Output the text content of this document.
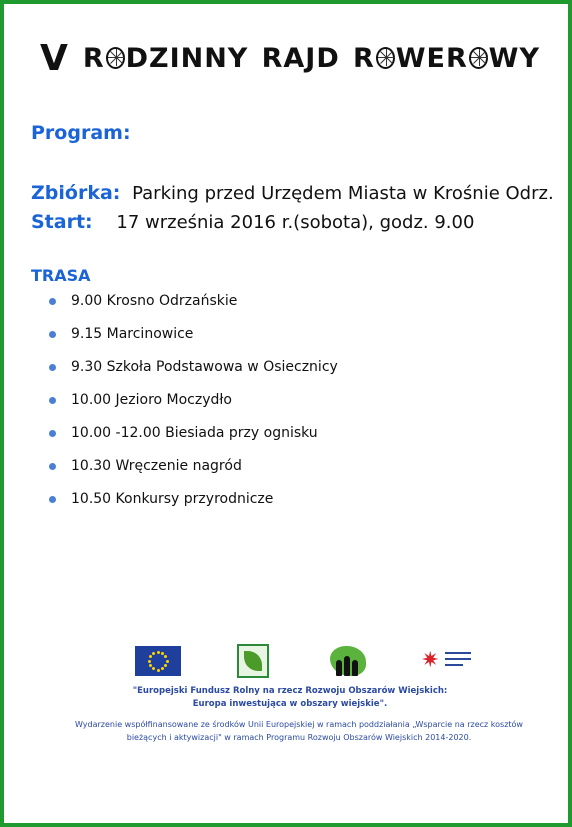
V R DZINNY RAJD R WER WY
Program:
Zbiórka: Parking przed Urzędem Miasta w Krośnie Odrz.
Start: 17 września 2016 r.(sobota), godz. 9.00
TRASA
9.00 Krosno Odrzańskie
9.15 Marcinowice
9.30 Szkoła Podstawowa w Osiecznicy
10.00 Jezioro Moczydło
10.00 -12.00 Biesiada przy ognisku
10.30 Wręczenie nagród
10.50 Konkursy przyrodnicze
✷
"Europejski Fundusz Rolny na rzecz Rozwoju Obszarów Wiejskich:
Europa inwestująca w obszary wiejskie".
Wydarzenie współfinansowane ze środków Unii Europejskiej w ramach poddziałania „Wsparcie na rzecz kosztów
bieżących i aktywizacji" w ramach Programu Rozwoju Obszarów Wiejskich 2014-2020.
